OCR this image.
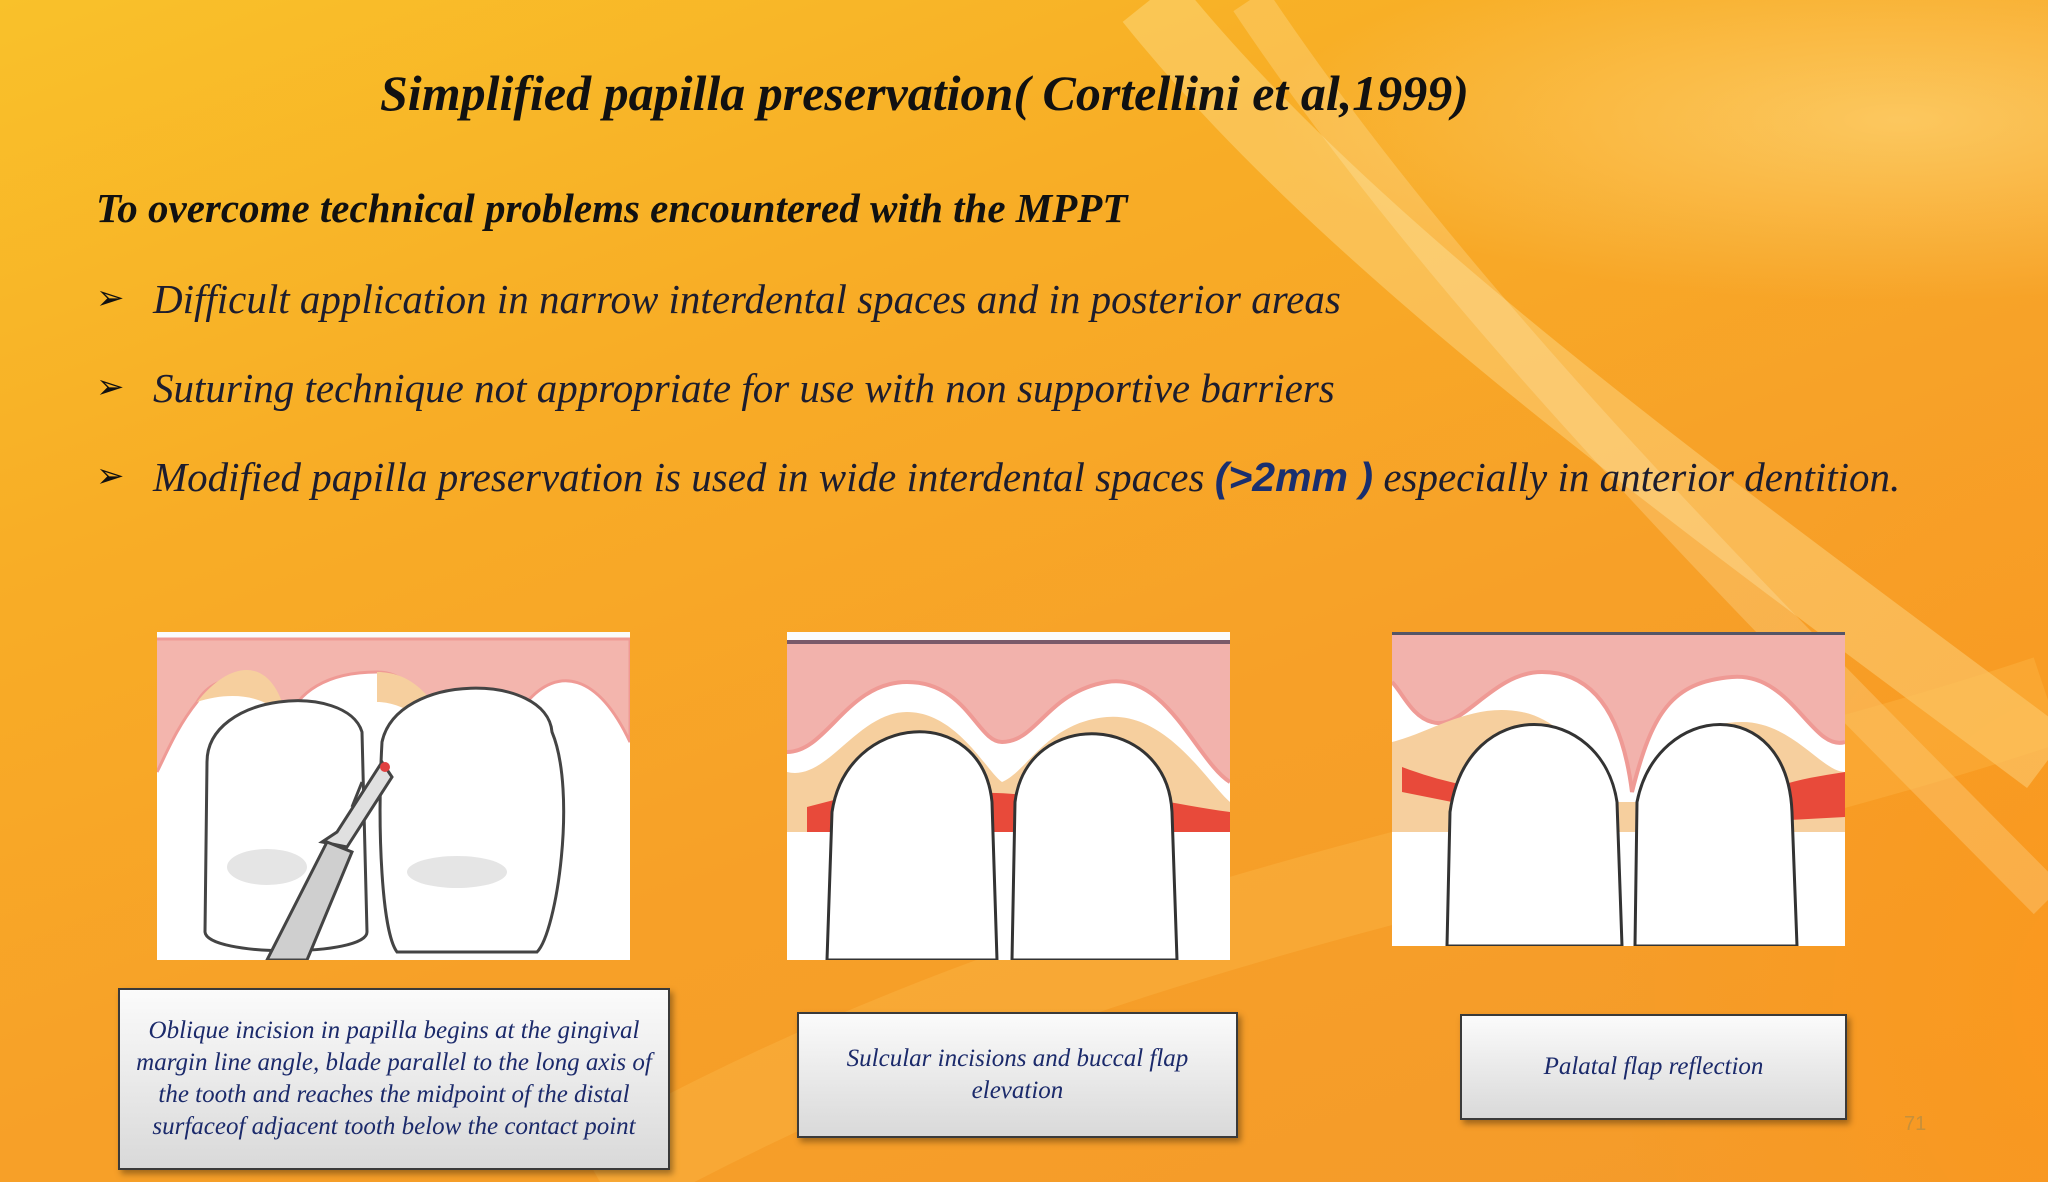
Simplified papilla preservation( Cortellini et al,1999)
To overcome technical problems encountered with the MPPT
➢ Difficult application in narrow interdental spaces and in posterior areas
➢ Suturing technique not appropriate for use with non supportive barriers
➢ Modified papilla preservation is used in wide interdental spaces (>2mm ) especially in anterior dentition.
Oblique incision in papilla begins at the gingival margin line angle, blade parallel to the long axis of the tooth and reaches the midpoint of the distal surfaceof adjacent tooth below the contact point
Sulcular incisions and buccal flap elevation
Palatal flap reflection
71
